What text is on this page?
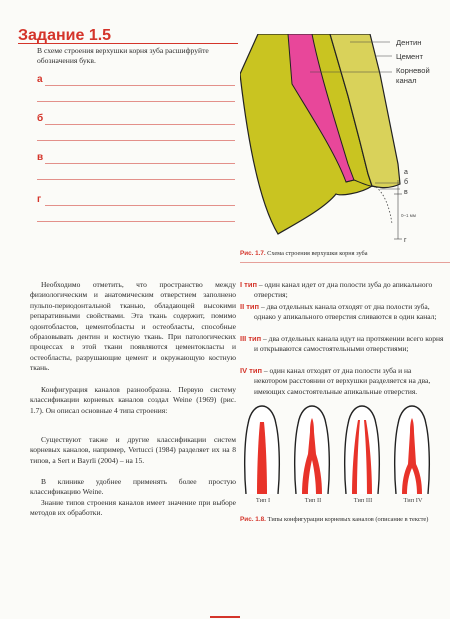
Задание 1.5
В схеме строения верхушки корня зуба расшифруйте обозначения букв.
а
б
в
г
Дентин
Цемент
Корневой
канал
а
б
в
г
0–1 мм
Рис. 1.7. Схема строения верхушки корня зуба
Необходимо отметить, что пространство между физиологическим и анатомическим отверстием заполнено пульпо-периодонтальной тканью, обладающей высокими репаративными свойствами. Эта ткань содержит, помимо одонтобластов, цементобласты и остеобласты, способные образовывать дентин и костную ткань. При патологических процессах в этой ткани появляются цементокласты и остеобласты, разрушающие цемент и окружающую костную ткань.
Конфигурация каналов разнообразна. Первую систему классификации корневых каналов создал Weine (1969) (рис. 1.7). Он описал основные 4 типа строения:
Существуют также и другие классификации систем корневых каналов, например, Vertucci (1984) разделяет их на 8 типов, а Sert и Bayrli (2004) – на 15.
В клинике удобнее применять более простую классификацию Weine.
Знание типов строения каналов имеет значение при выборе методов их обработки.
I тип – один канал идет от дна полости зуба до апикального отверстия;
II тип – два отдельных канала отходят от дна полости зуба, однако у апикального отверстия сливаются в один канал;
III тип – два отдельных канала идут на протяжении всего корня и открываются самостоятельными отверстиями;
IV тип – один канал отходят от дна полости зуба и на некотором расстоянии от верхушки разделяется на два, имеющих самостоятельные апикальные отверстия.
Тип I	Тип II	Тип III	Тип IV
Рис. 1.8. Типы конфигурации корневых каналов (описание в тексте)
